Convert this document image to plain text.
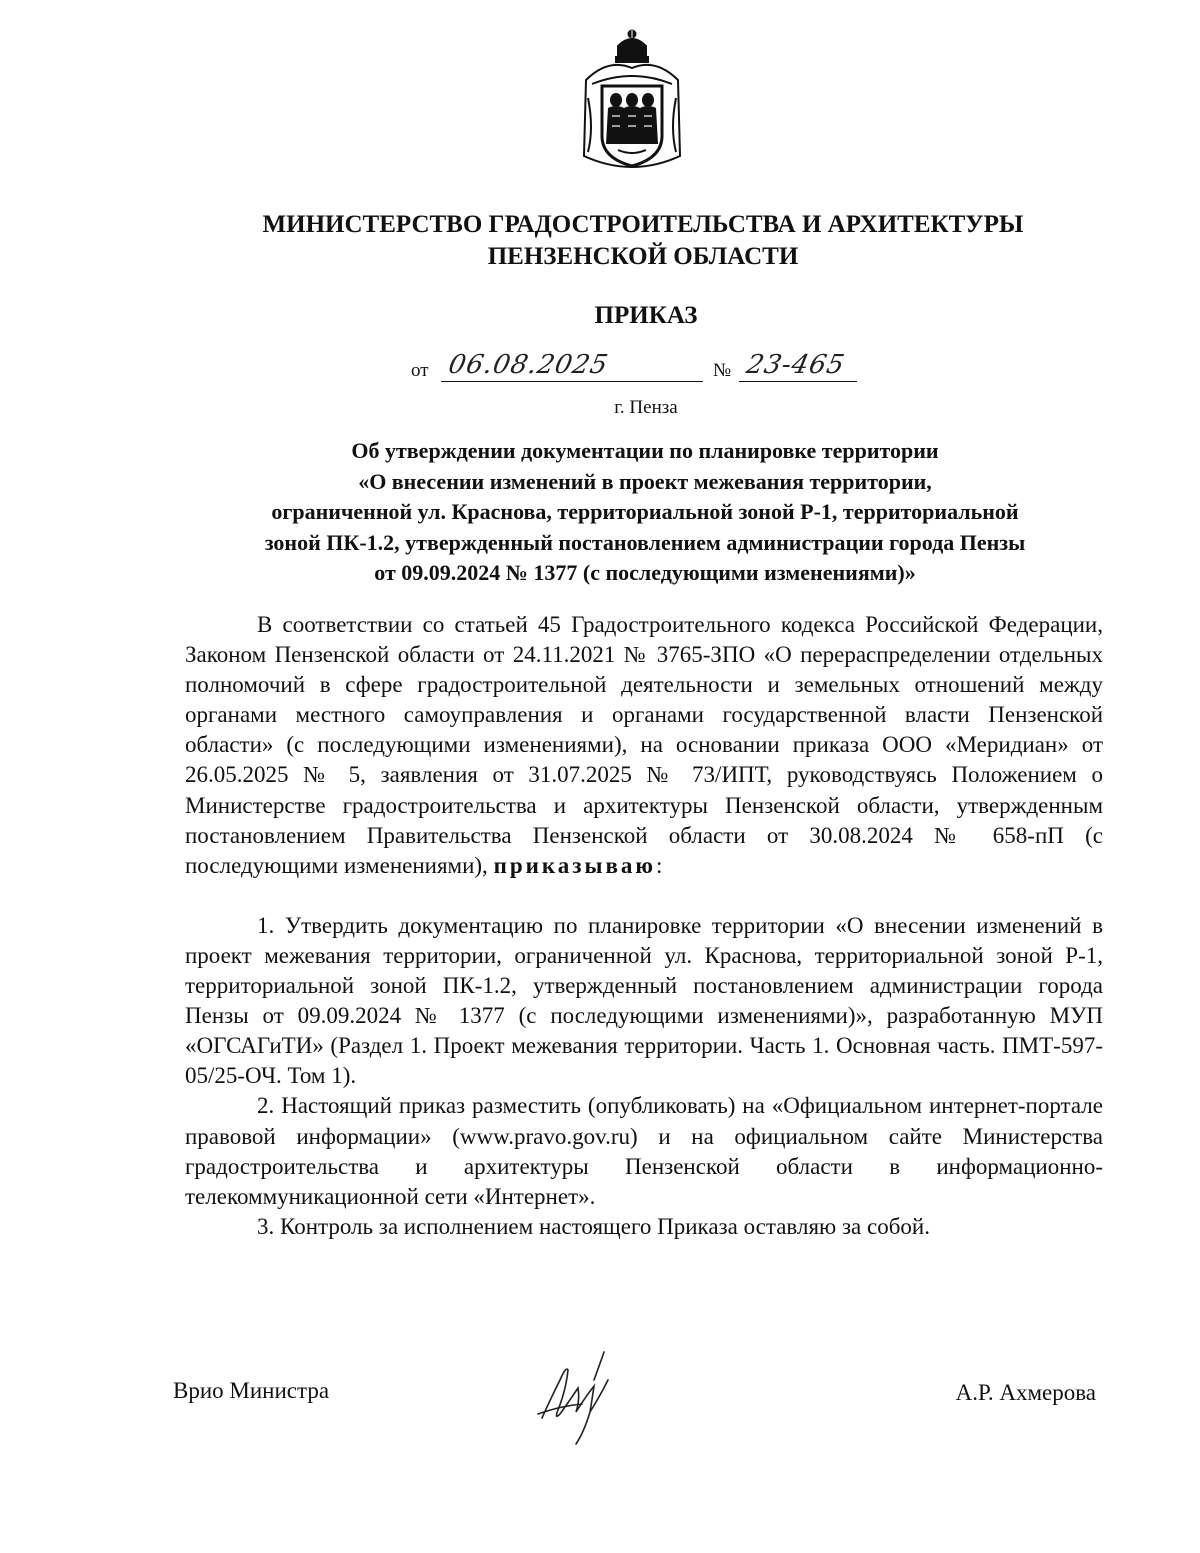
МИНИСТЕРСТВО ГРАДОСТРОИТЕЛЬСТВА И АРХИТЕКТУРЫ
ПЕНЗЕНСКОЙ ОБЛАСТИ
ПРИКАЗ
от 06.08.2025	№ 23-465
г. Пенза
Об утверждении документации по планировке территории
«О внесении изменений в проект межевания территории,
ограниченной ул. Краснова, территориальной зоной Р-1, территориальной
зоной ПК-1.2, утвержденный постановлением администрации города Пензы
от 09.09.2024 № 1377 (с последующими изменениями)»

В соответствии со статьей 45 Градостроительного кодекса Российской Федерации, Законом Пензенской области от 24.11.2021 № 3765-ЗПО «О перераспределении отдельных полномочий в сфере градостроительной деятельности и земельных отношений между органами местного самоуправления и органами государственной власти Пензенской области» (с последующими изменениями), на основании приказа ООО «Меридиан» от 26.05.2025 № 5, заявления от 31.07.2025 № 73/ИПТ, руководствуясь Положением о Министерстве градостроительства и архитектуры Пензенской области, утвержденным постановлением Правительства Пензенской области от 30.08.2024 № 658-пП (с последующими изменениями), приказываю:

1. Утвердить документацию по планировке территории «О внесении изменений в проект межевания территории, ограниченной ул. Краснова, территориальной зоной Р-1, территориальной зоной ПК-1.2, утвержденный постановлением администрации города Пензы от 09.09.2024 № 1377 (с последующими изменениями)», разработанную МУП «ОГСАГиТИ» (Раздел 1. Проект межевания территории. Часть 1. Основная часть. ПМТ-597-05/25-ОЧ. Том 1).

2. Настоящий приказ разместить (опубликовать) на «Официальном интернет-портале правовой информации» (www.pravo.gov.ru) и на официальном сайте Министерства градостроительства и архитектуры Пензенской области в информационно-телекоммуникационной сети «Интернет».

3. Контроль за исполнением настоящего Приказа оставляю за собой.

Врио Министра	А.Р. Ахмерова
